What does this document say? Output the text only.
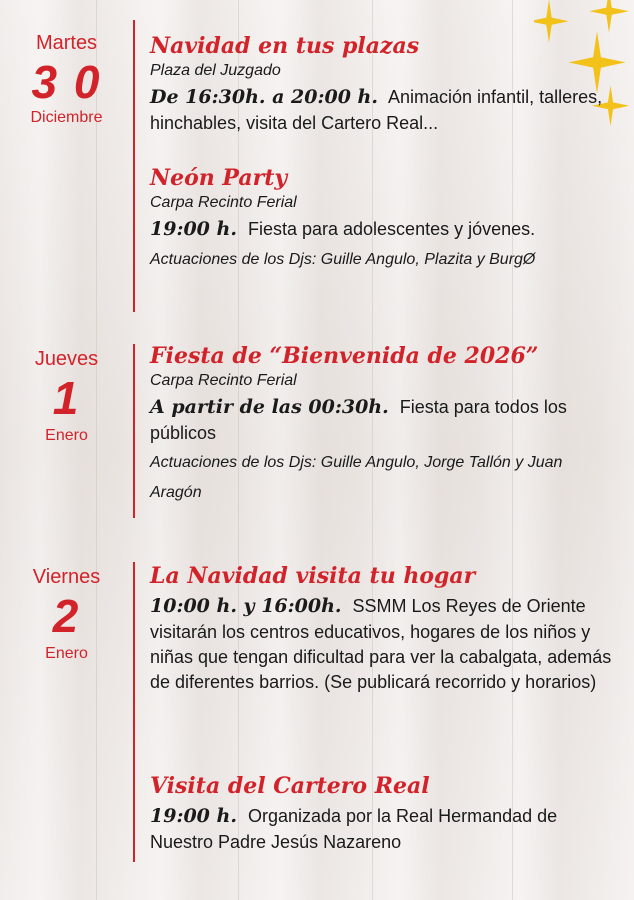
Martes
3 0
Diciembre
Navidad en tus plazas
Plaza del Juzgado

De 16:30h. a 20:00 h. Animación infantil, talleres, hinchables, visita del Cartero Real...

Neón Party
Carpa Recinto Ferial

19:00 h. Fiesta para adolescentes y jóvenes.

Actuaciones de los Djs: Guille Angulo, Plazita y BurgØ
Jueves
1
Enero
Fiesta de “Bienvenida de 2026”
Carpa Recinto Ferial

A partir de las 00:30h. Fiesta para todos los públicos

Actuaciones de los Djs: Guille Angulo, Jorge Tallón y Juan Aragón
Viernes
2
Enero
La Navidad visita tu hogar

10:00 h. y 16:00h. SSMM Los Reyes de Oriente visitarán los centros educativos, hogares de los niños y niñas que tengan dificultad para ver la cabalgata, además de diferentes barrios. (Se publicará recorrido y horarios)

Visita del Cartero Real

19:00 h. Organizada por la Real Hermandad de Nuestro Padre Jesús Nazareno
